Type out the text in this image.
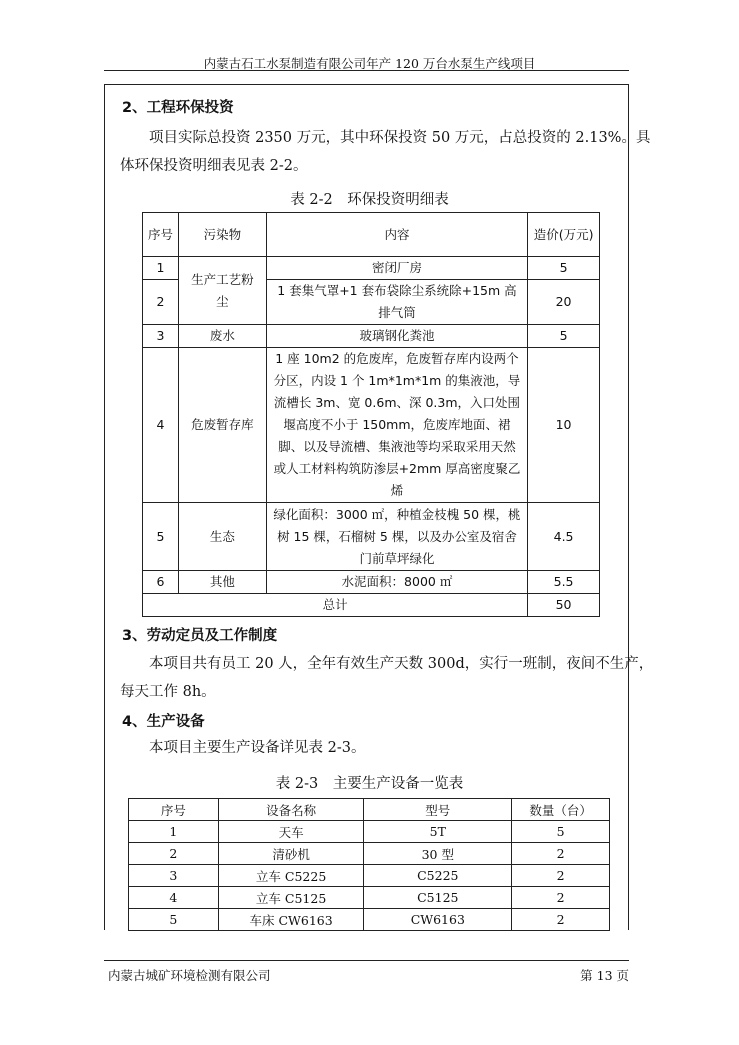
内蒙古石工水泵制造有限公司年产 120 万台水泵生产线项目
2、工程环保投资
项目实际总投资 2350 万元，其中环保投资 50 万元，占总投资的 2.13%。具
体环保投资明细表见表 2-2。
表 2-2　环保投资明细表
序号	污染物	内容	造价(万元)
1	生产工艺粉尘	密闭厂房	5
2		1 套集气罩+1 套布袋除尘系统除+15m 高排气筒	20
3	废水	玻璃钢化粪池	5
4	危废暂存库	1 座 10m2 的危废库，危废暂存库内设两个分区，内设 1 个 1m*1m*1m 的集液池，导流槽长 3m、宽 0.6m、深 0.3m，入口处围堰高度不小于 150mm，危废库地面、裙脚、以及导流槽、集液池等均采取采用天然或人工材料构筑防渗层+2mm 厚高密度聚乙烯	10
5	生态	绿化面积：3000 ㎡，种植金枝槐 50 棵，桃树 15 棵，石榴树 5 棵，以及办公室及宿舍门前草坪绿化	4.5
6	其他	水泥面积：8000 ㎡	5.5
总计			50
3、劳动定员及工作制度
本项目共有员工 20 人，全年有效生产天数 300d，实行一班制，夜间不生产，
每天工作 8h。
4、生产设备
本项目主要生产设备详见表 2-3。
表 2-3　主要生产设备一览表
序号	设备名称	型号	数量（台）
1	天车	5T	5
2	清砂机	30 型	2
3	立车 C5225	C5225	2
4	立车 C5125	C5125	2
5	车床 CW6163	CW6163	2
内蒙古城矿环境检测有限公司	第 13 页
